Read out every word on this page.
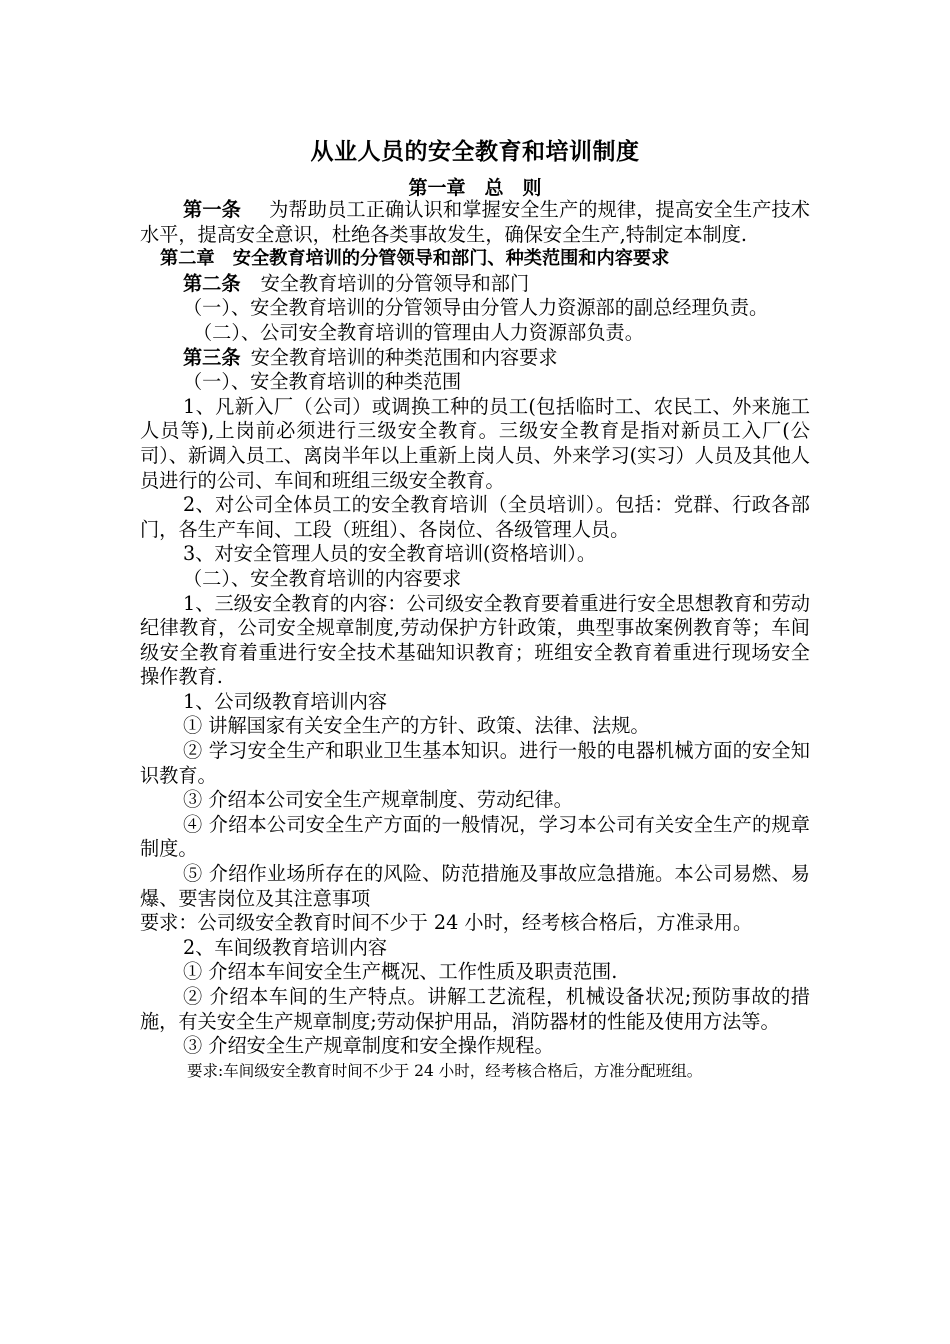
从业人员的安全教育和培训制度
第一章　总　则

第一条 为帮助员工正确认识和掌握安全生产的规律，提高安全生产技术水平，提高安全意识，杜绝各类事故发生，确保安全生产,特制定本制度.

第二章　安全教育培训的分管领导和部门、种类范围和内容要求

第二条 安全教育培训的分管领导和部门

（一）、安全教育培训的分管领导由分管人力资源部的副总经理负责。

（二）、公司安全教育培训的管理由人力资源部负责。

第三条 安全教育培训的种类范围和内容要求

（一）、安全教育培训的种类范围

1、凡新入厂（公司）或调换工种的员工(包括临时工、农民工、外来施工人员等),上岗前必须进行三级安全教育。三级安全教育是指对新员工入厂(公司）、新调入员工、离岗半年以上重新上岗人员、外来学习(实习）人员及其他人员进行的公司、车间和班组三级安全教育。

2、对公司全体员工的安全教育培训（全员培训）。包括：党群、行政各部门，各生产车间、工段（班组）、各岗位、各级管理人员。

3、对安全管理人员的安全教育培训(资格培训）。

（二）、安全教育培训的内容要求

1、三级安全教育的内容：公司级安全教育要着重进行安全思想教育和劳动纪律教育，公司安全规章制度,劳动保护方针政策，典型事故案例教育等；车间级安全教育着重进行安全技术基础知识教育；班组安全教育着重进行现场安全操作教育.

1、公司级教育培训内容

① 讲解国家有关安全生产的方针、政策、法律、法规。

② 学习安全生产和职业卫生基本知识。进行一般的电器机械方面的安全知识教育。

③ 介绍本公司安全生产规章制度、劳动纪律。

④ 介绍本公司安全生产方面的一般情况，学习本公司有关安全生产的规章制度。

⑤ 介绍作业场所存在的风险、防范措施及事故应急措施。本公司易燃、易爆、要害岗位及其注意事项

要求：公司级安全教育时间不少于 24 小时，经考核合格后，方准录用。

2、车间级教育培训内容

① 介绍本车间安全生产概况、工作性质及职责范围.

② 介绍本车间的生产特点。讲解工艺流程，机械设备状况;预防事故的措施，有关安全生产规章制度;劳动保护用品，消防器材的性能及使用方法等。

③ 介绍安全生产规章制度和安全操作规程。

要求:车间级安全教育时间不少于 24 小时，经考核合格后，方准分配班组。
